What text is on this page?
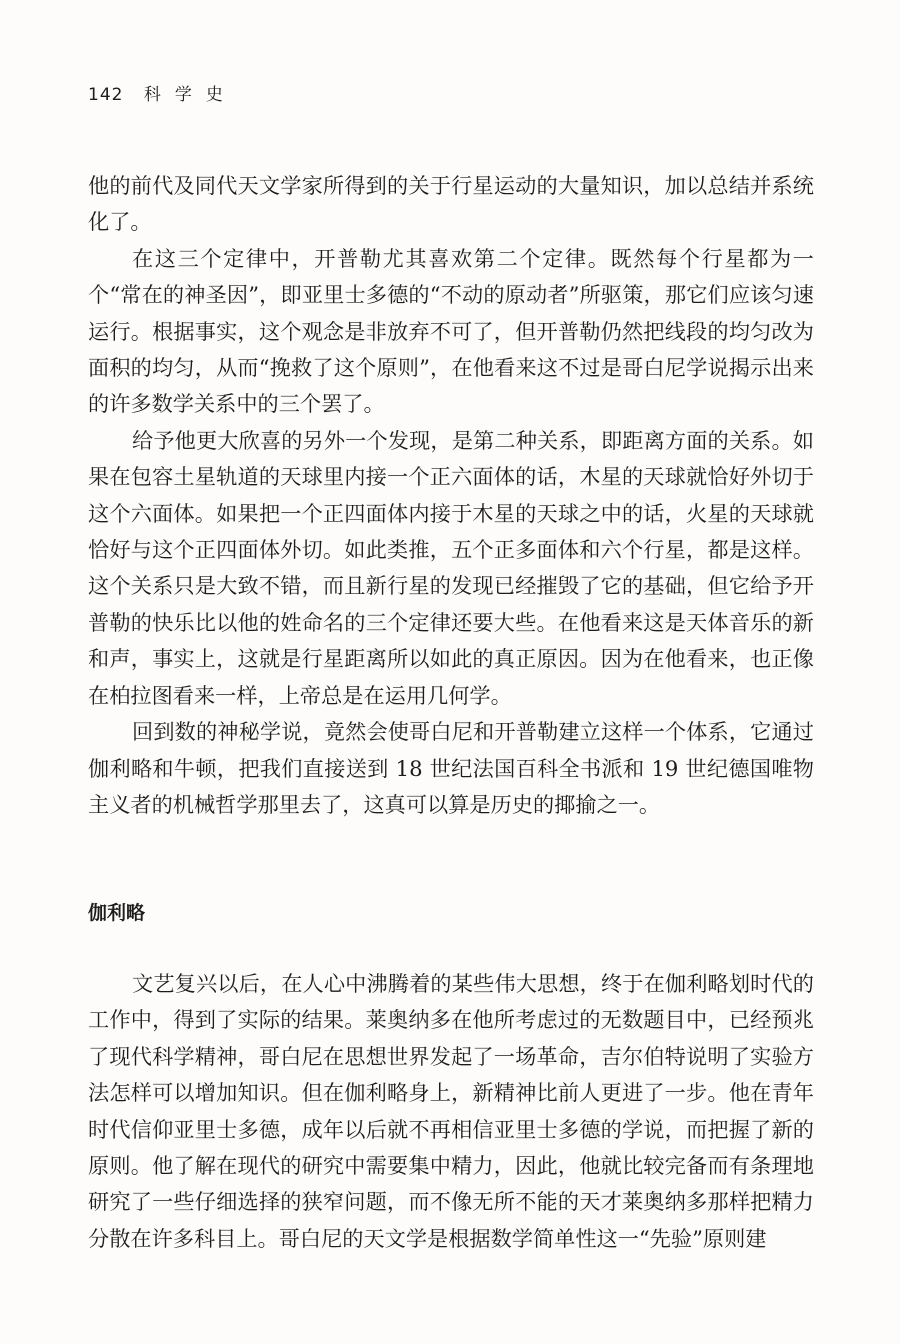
142 科学史

他的前代及同代天文学家所得到的关于行星运动的大量知识，加以总结并系统化了。

在这三个定律中，开普勒尤其喜欢第二个定律。既然每个行星都为一个“常在的神圣因”，即亚里士多德的“不动的原动者”所驱策，那它们应该匀速运行。根据事实，这个观念是非放弃不可了，但开普勒仍然把线段的均匀改为面积的均匀，从而“挽救了这个原则”，在他看来这不过是哥白尼学说揭示出来的许多数学关系中的三个罢了。

给予他更大欣喜的另外一个发现，是第二种关系，即距离方面的关系。如果在包容土星轨道的天球里内接一个正六面体的话，木星的天球就恰好外切于这个六面体。如果把一个正四面体内接于木星的天球之中的话，火星的天球就恰好与这个正四面体外切。如此类推，五个正多面体和六个行星，都是这样。这个关系只是大致不错，而且新行星的发现已经摧毁了它的基础，但它给予开普勒的快乐比以他的姓命名的三个定律还要大些。在他看来这是天体音乐的新和声，事实上，这就是行星距离所以如此的真正原因。因为在他看来，也正像在柏拉图看来一样，上帝总是在运用几何学。

回到数的神秘学说，竟然会使哥白尼和开普勒建立这样一个体系，它通过伽利略和牛顿，把我们直接送到 18 世纪法国百科全书派和 19 世纪德国唯物主义者的机械哲学那里去了，这真可以算是历史的揶揄之一。

伽利略

文艺复兴以后，在人心中沸腾着的某些伟大思想，终于在伽利略划时代的工作中，得到了实际的结果。莱奥纳多在他所考虑过的无数题目中，已经预兆了现代科学精神，哥白尼在思想世界发起了一场革命，吉尔伯特说明了实验方法怎样可以增加知识。但在伽利略身上，新精神比前人更进了一步。他在青年时代信仰亚里士多德，成年以后就不再相信亚里士多德的学说，而把握了新的原则。他了解在现代的研究中需要集中精力，因此，他就比较完备而有条理地研究了一些仔细选择的狭窄问题，而不像无所不能的天才莱奥纳多那样把精力分散在许多科目上。哥白尼的天文学是根据数学简单性这一“先验”原则建
